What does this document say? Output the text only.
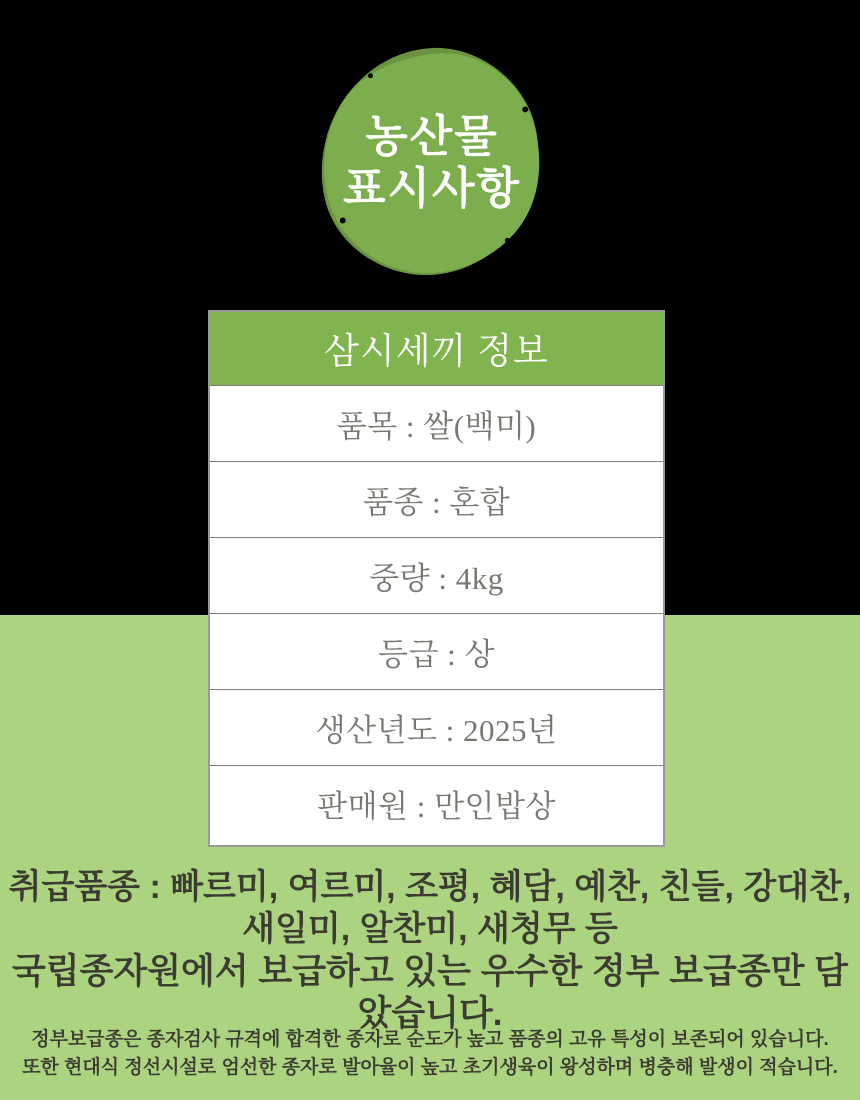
농산물
표시사항
삼시세끼 정보
품목 : 쌀(백미)
품종 : 혼합
중량 : 4kg
등급 : 상
생산년도 : 2025년
판매원 : 만인밥상
취급품종 : 빠르미, 여르미, 조평, 혜담, 예찬, 친들, 강대찬,
새일미, 알찬미, 새청무 등
국립종자원에서 보급하고 있는 우수한 정부 보급종만 담았습니다.
정부보급종은 종자검사 규격에 합격한 종자로 순도가 높고 품종의 고유 특성이 보존되어 있습니다.
또한 현대식 정선시설로 엄선한 종자로 발아율이 높고 초기생육이 왕성하며 병충해 발생이 적습니다.
